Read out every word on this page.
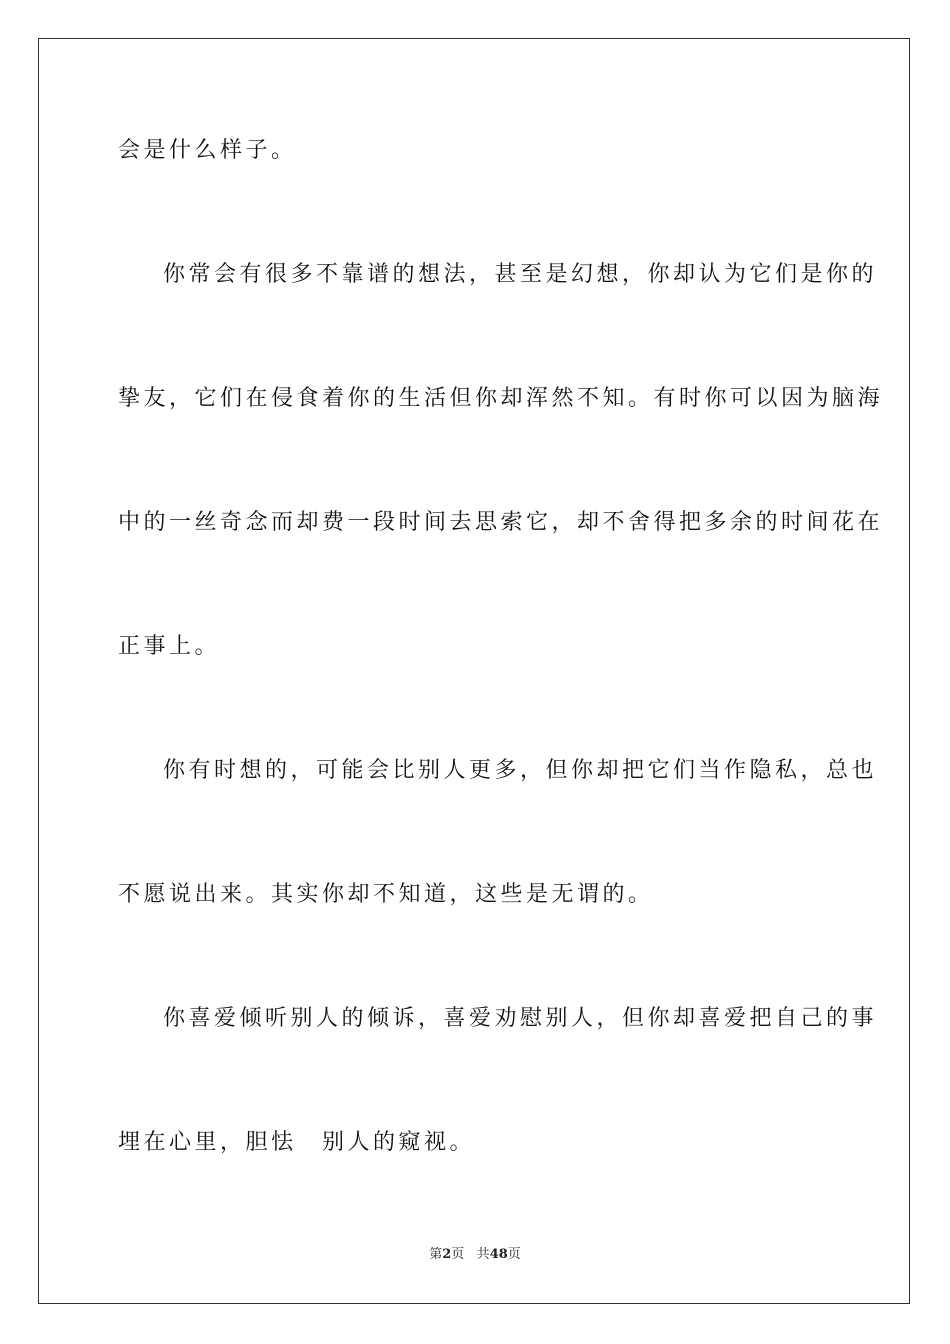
会是什么样子。
你常会有很多不靠谱的想法，甚至是幻想，你却认为它们是你的
挚友，它们在侵食着你的生活但你却浑然不知。有时你可以因为脑海
中的一丝奇念而却费一段时间去思索它，却不舍得把多余的时间花在
正事上。
你有时想的，可能会比别人更多，但你却把它们当作隐私，总也
不愿说出来。其实你却不知道，这些是无谓的。
你喜爱倾听别人的倾诉，喜爱劝慰别人，但你却喜爱把自己的事
埋在心里，胆怯　别人的窥视。
第2页 共48页
